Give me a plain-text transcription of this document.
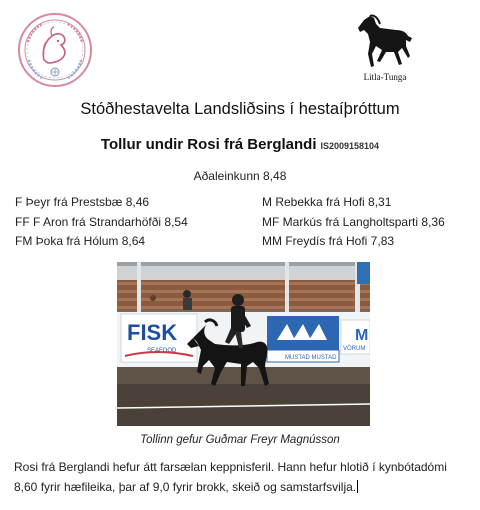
Litla-Tunga
Stóðhestavelta Landsliðsins í hestaíþróttum
Tollur undir Rosi frá Berglandi IS2009158104
Aðaleinkunn 8,48
F Þeyr frá Prestsbæ 8,46
FF F Aron frá Strandarhöfði 8,54
FM Þoka frá Hólum 8,64
M Rebekka frá Hofi 8,31
MF Markús frá Langholtsparti 8,36
MM Freydís frá Hofi 7,83
FISK
SEAFOOD
MUSTAD MUSTAD
M
VÖRUM
Tollinn gefur Guðmar Freyr Magnússon
Rosi frá Berglandi hefur átt farsælan keppnisferil. Hann hefur hlotið í kynbótadómi 8,60 fyrir hæfileika, þar af 9,0 fyrir brokk, skeið og samstarfsvilja.
